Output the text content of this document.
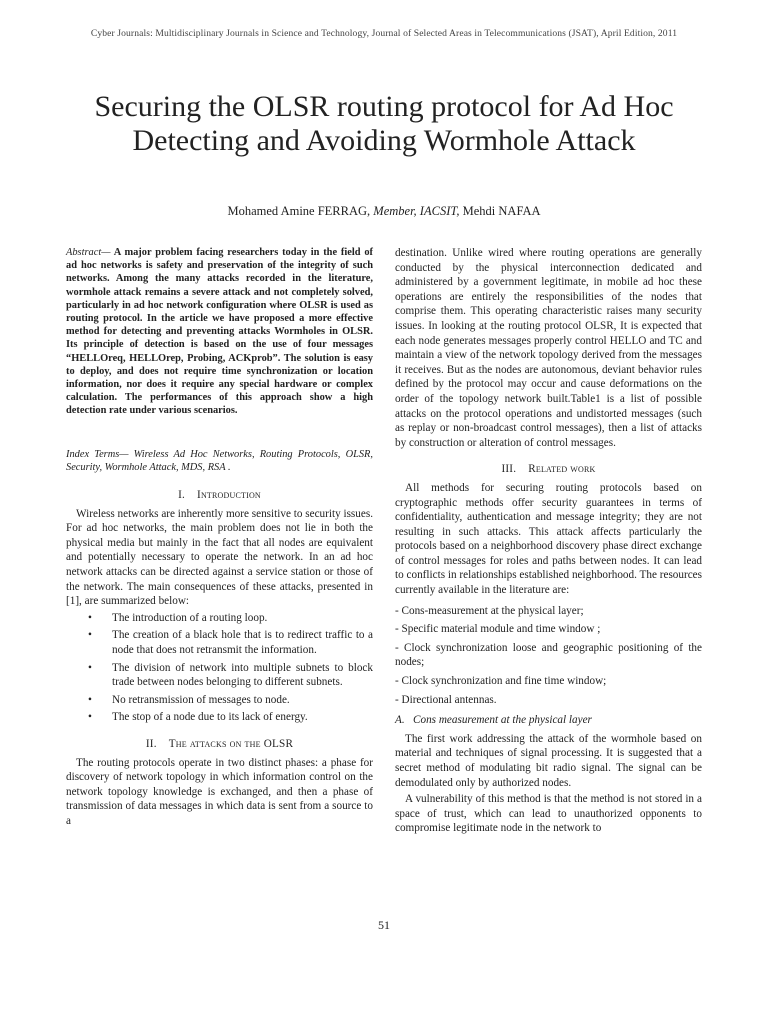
Cyber Journals: Multidisciplinary Journals in Science and Technology, Journal of Selected Areas in Telecommunications (JSAT), April Edition, 2011
Securing the OLSR routing protocol for Ad Hoc Detecting and Avoiding Wormhole Attack
Mohamed Amine FERRAG, Member, IACSIT, Mehdi NAFAA
Abstract— A major problem facing researchers today in the field of ad hoc networks is safety and preservation of the integrity of such networks. Among the many attacks recorded in the literature, wormhole attack remains a severe attack and not completely solved, particularly in ad hoc network configuration where OLSR is used as routing protocol. In the article we have proposed a more effective method for detecting and preventing attacks Wormholes in OLSR. Its principle of detection is based on the use of four messages “HELLOreq, HELLOrep, Probing, ACKprob”. The solution is easy to deploy, and does not require time synchronization or location information, nor does it require any special hardware or complex calculation. The performances of this approach show a high detection rate under various scenarios.
Index Terms— Wireless Ad Hoc Networks, Routing Protocols, OLSR, Security, Wormhole Attack, MDS, RSA .
I. Introduction

Wireless networks are inherently more sensitive to security issues. For ad hoc networks, the main problem does not lie in both the physical media but mainly in the fact that all nodes are equivalent and potentially necessary to operate the network. In an ad hoc network attacks can be directed against a service station or those of the network. The main consequences of these attacks, presented in [1], are summarized below:

• The introduction of a routing loop.
• The creation of a black hole that is to redirect traffic to a node that does not retransmit the information.
• The division of network into multiple subnets to block trade between nodes belonging to different subnets.
• No retransmission of messages to node.
• The stop of a node due to its lack of energy.
II. The attacks on the OLSR

The routing protocols operate in two distinct phases: a phase for discovery of network topology in which information control on the network topology knowledge is exchanged, and then a phase of transmission of data messages in which data is sent from a source to a

destination. Unlike wired where routing operations are generally conducted by the physical interconnection dedicated and administered by a government legitimate, in mobile ad hoc these operations are entirely the responsibilities of the nodes that comprise them. This operating characteristic raises many security issues. In looking at the routing protocol OLSR, It is expected that each node generates messages properly control HELLO and TC and maintain a view of the network topology derived from the messages it receives. But as the nodes are autonomous, deviant behavior rules defined by the protocol may occur and cause deformations on the order of the topology network built.Table1 is a list of possible attacks on the protocol operations and undistorted messages (such as replay or non-broadcast control messages), then a list of attacks by construction or alteration of control messages.

III. Related work

All methods for securing routing protocols based on cryptographic methods offer security guarantees in terms of confidentiality, authentication and message integrity; they are not resulting in such attacks. This attack affects particularly the protocols based on a neighborhood discovery phase direct exchange of control messages for roles and paths between nodes. It can lead to conflicts in relationships established neighborhood. The resources currently available in the literature are:

- Cons-measurement at the physical layer;
- Specific material module and time window ;
- Clock synchronization loose and geographic positioning of the nodes;
- Clock synchronization and fine time window;
- Directional antennas.
A. Cons measurement at the physical layer

The first work addressing the attack of the wormhole based on material and techniques of signal processing. It is suggested that a secret method of modulating bit radio signal. The signal can be demodulated only by authorized nodes.

A vulnerability of this method is that the method is not stored in a space of trust, which can lead to unauthorized opponents to compromise legitimate node in the network to

51
